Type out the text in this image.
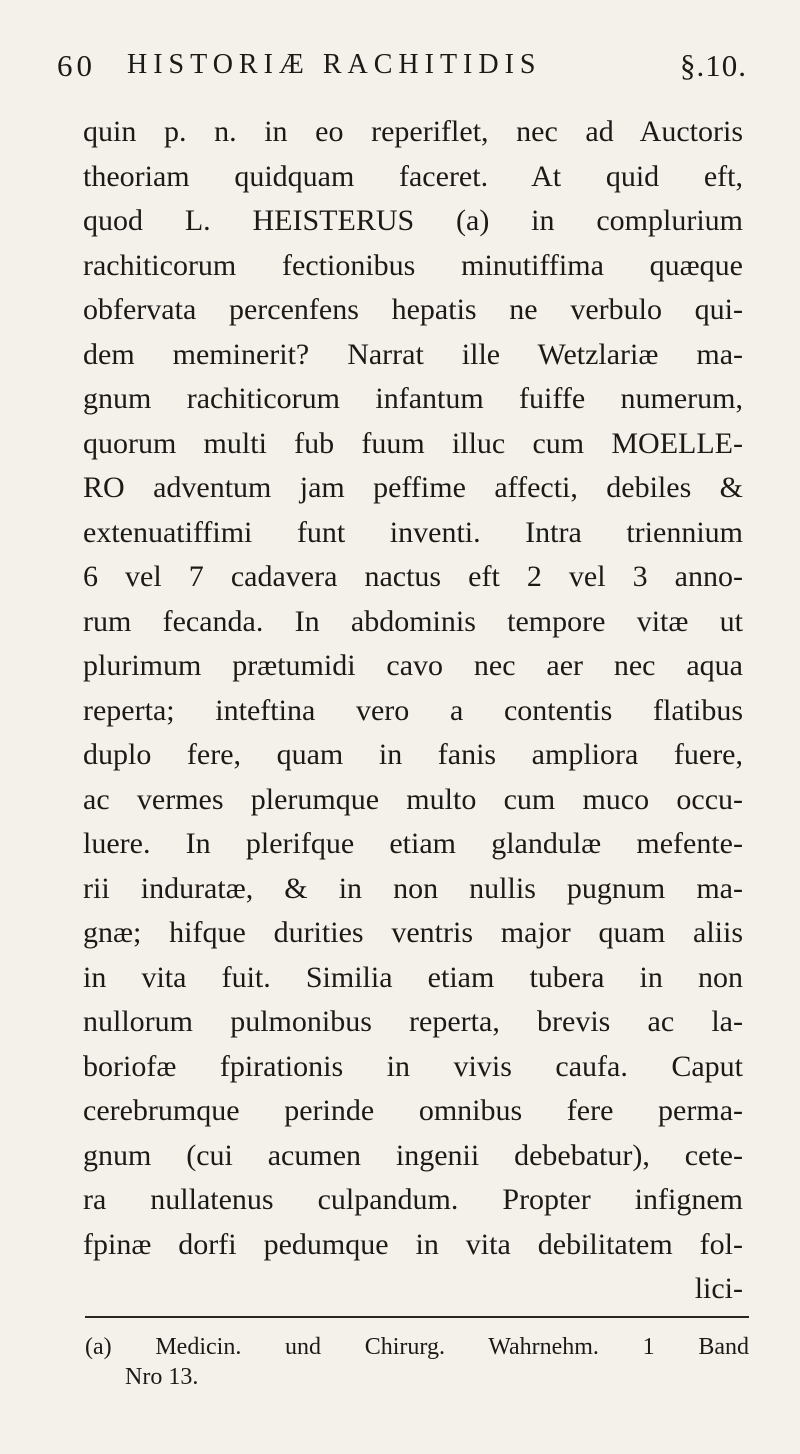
60 HISTORIÆ RACHITIDIS	§.10.
quin p. n. in eo reperiflet, nec ad Auctoris
theoriam quidquam faceret. At quid eft,
quod L. HEISTERUS (a) in complurium
rachiticorum fectionibus minutiffima quæque
obfervata percenfens hepatis ne verbulo qui-
dem meminerit? Narrat ille Wetzlariæ ma-
gnum rachiticorum infantum fuiffe numerum,
quorum multi fub fuum illuc cum MOELLE-
RO adventum jam peffime affecti, debiles &
extenuatiffimi funt inventi. Intra triennium
6 vel 7 cadavera nactus eft 2 vel 3 anno-
rum fecanda. In abdominis tempore vitæ ut
plurimum prætumidi cavo nec aer nec aqua
reperta; inteftina vero a contentis flatibus
duplo fere, quam in fanis ampliora fuere,
ac vermes plerumque multo cum muco occu-
luere. In plerifque etiam glandulæ mefente-
rii induratæ, & in non nullis pugnum ma-
gnæ; hifque durities ventris major quam aliis
in vita fuit. Similia etiam tubera in non
nullorum pulmonibus reperta, brevis ac la-
boriofæ fpirationis in vivis caufa. Caput
cerebrumque perinde omnibus fere perma-
gnum (cui acumen ingenii debebatur), cete-
ra nullatenus culpandum. Propter infignem
fpinæ dorfi pedumque in vita debilitatem fol-
lici-
(a) Medicin. und Chirurg. Wahrnehm. 1 Band
Nro 13.
